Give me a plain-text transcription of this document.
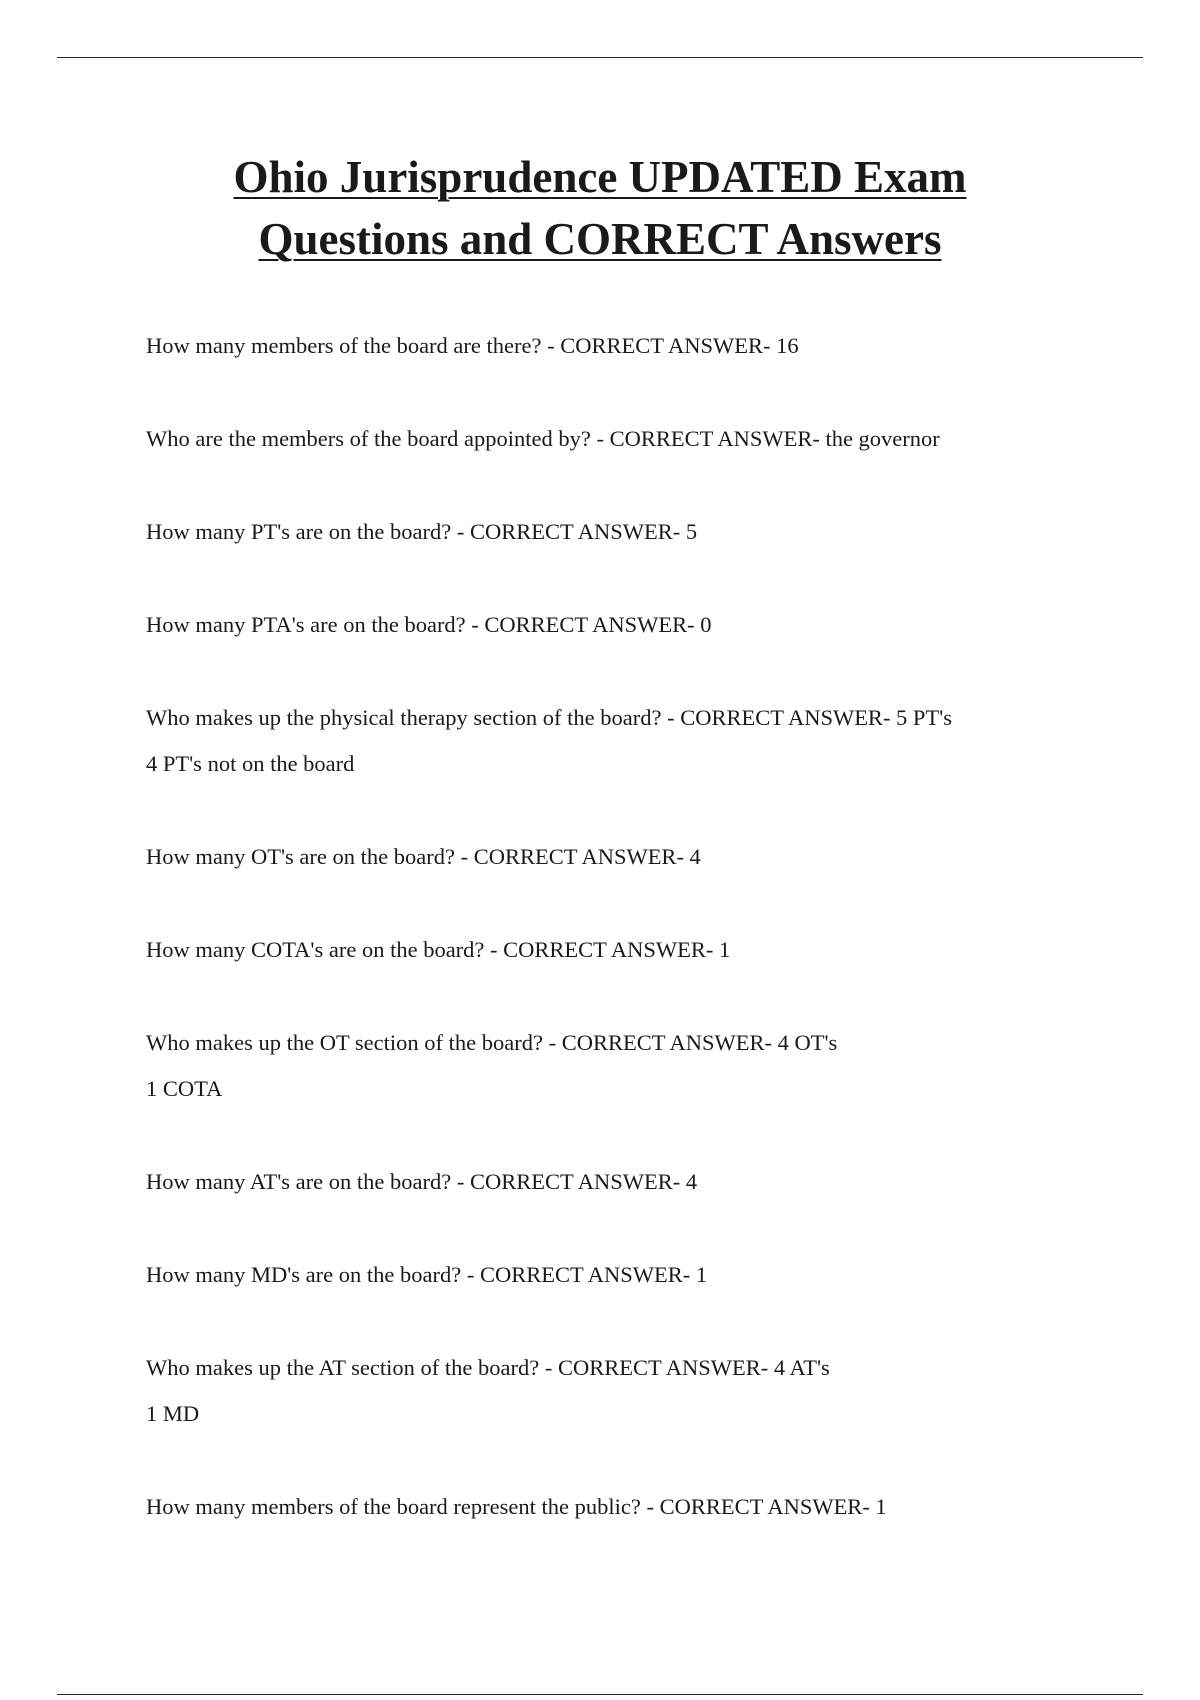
Ohio Jurisprudence UPDATED Exam
Questions and CORRECT Answers
How many members of the board are there? - CORRECT ANSWER- 16
Who are the members of the board appointed by? - CORRECT ANSWER- the governor
How many PT's are on the board? - CORRECT ANSWER- 5
How many PTA's are on the board? - CORRECT ANSWER- 0
Who makes up the physical therapy section of the board? - CORRECT ANSWER- 5 PT's
4 PT's not on the board
How many OT's are on the board? - CORRECT ANSWER- 4
How many COTA's are on the board? - CORRECT ANSWER- 1
Who makes up the OT section of the board? - CORRECT ANSWER- 4 OT's
1 COTA
How many AT's are on the board? - CORRECT ANSWER- 4
How many MD's are on the board? - CORRECT ANSWER- 1
Who makes up the AT section of the board? - CORRECT ANSWER- 4 AT's
1 MD
How many members of the board represent the public? - CORRECT ANSWER- 1
